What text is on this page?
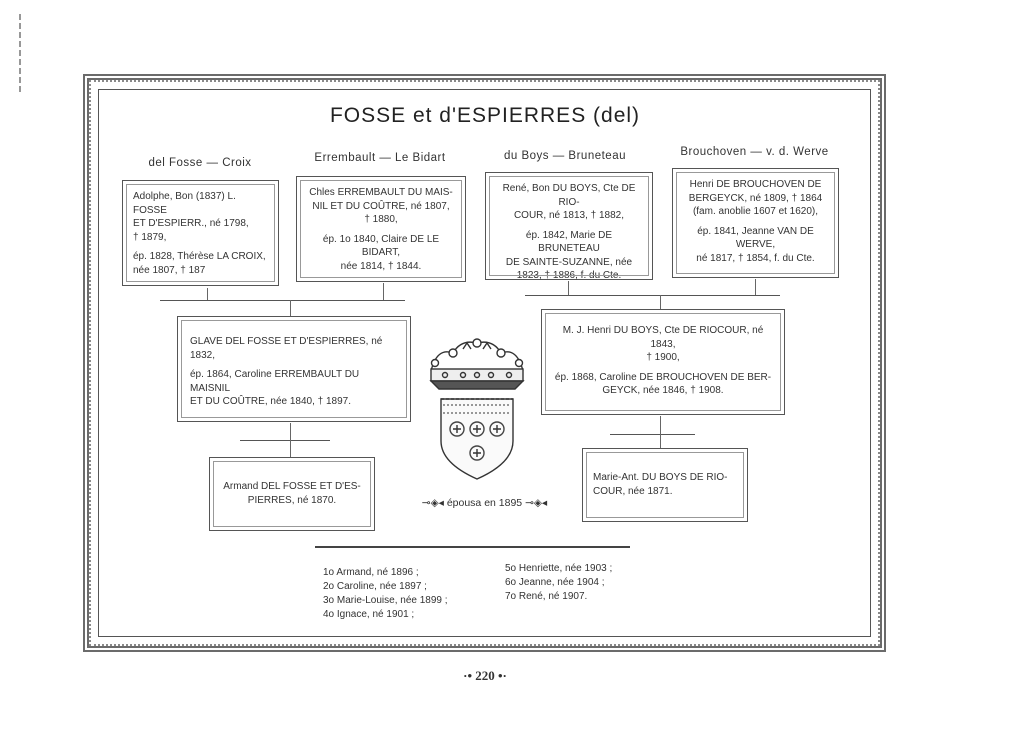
FOSSE et d'ESPIERRES (del)
del Fosse — Croix	Errembault — Le Bidart	du Boys — Bruneteau	Brouchoven — v. d. Werve

Adolphe, Bon (1837) L. FOSSE
ET D'ESPIERR., né 1798,
† 1879,

ép. 1828, Thérèse LA CROIX,
née 1807, † 187

Chles ERREMBAULT DU MAIS-
NIL ET DU COÛTRE, né 1807,
† 1880,

ép. 1o 1840, Claire DE LE BIDART,
née 1814, † 1844.

René, Bon DU BOYS, Cte DE RIO-
COUR, né 1813, † 1882,

ép. 1842, Marie DE BRUNETEAU
DE SAINTE-SUZANNE, née
1823, † 1886, f. du Cte.

Henri DE BROUCHOVEN DE
BERGEYCK, né 1809, † 1864
(fam. anoblie 1607 et 1620),

ép. 1841, Jeanne VAN DE WERVE,
né 1817, † 1854, f. du Cte.

GLAVE DEL FOSSE ET D'ESPIERRES, né 1832,

ép. 1864, Caroline ERREMBAULT DU MAISNIL
ET DU COÛTRE, née 1840, † 1897.

M. J. Henri DU BOYS, Cte DE RIOCOUR, né 1843,
† 1900,

ép. 1868, Caroline DE BROUCHOVEN DE BER-
GEYCK, née 1846, † 1908.

Armand DEL FOSSE ET D'ES-
PIERRES, né 1870.

Marie-Ant. DU BOYS DE RIO-
COUR, née 1871.

⊸◈◂ épousa en 1895 ⊸◈◂
1o Armand, né 1896 ;
2o Caroline, née 1897 ;
3o Marie-Louise, née 1899 ;
4o Ignace, né 1901 ;
5o Henriette, née 1903 ;
6o Jeanne, née 1904 ;
7o René, né 1907.
·• 220 •·
